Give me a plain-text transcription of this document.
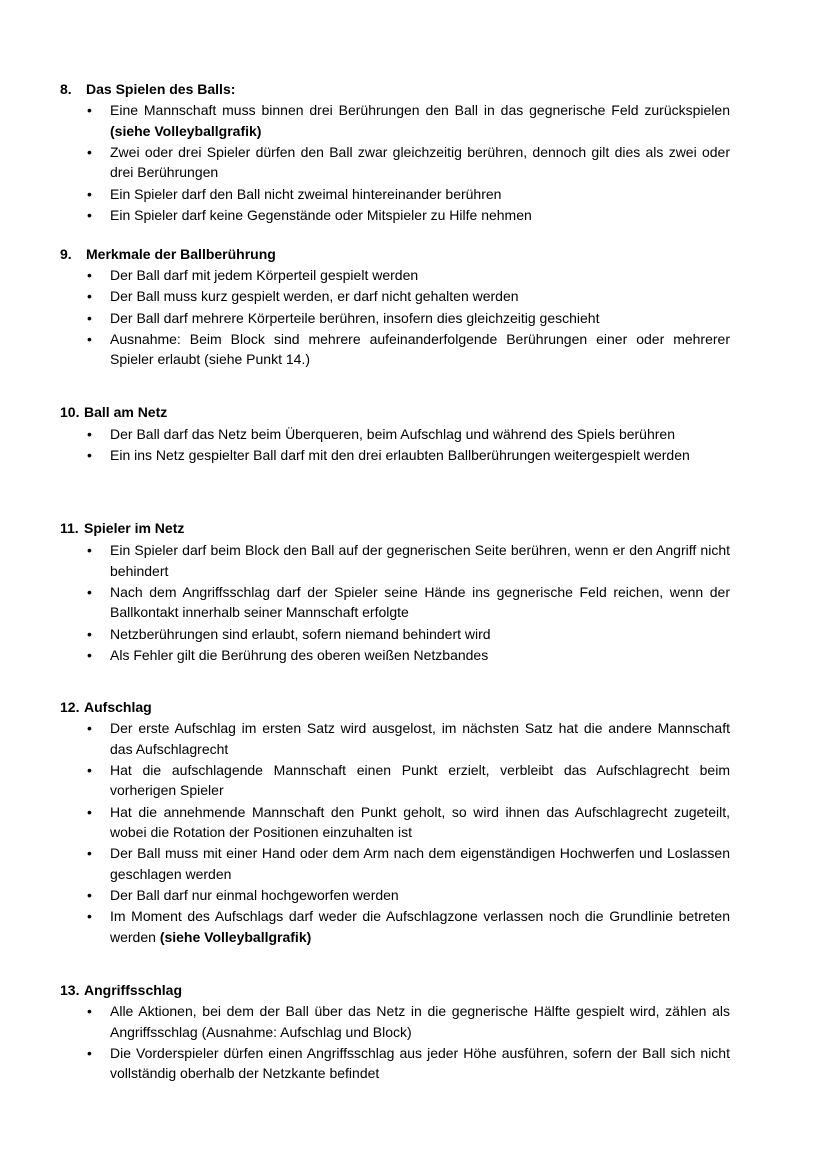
8. Das Spielen des Balls:
• Eine Mannschaft muss binnen drei Berührungen den Ball in das gegnerische Feld zurückspielen (siehe Volleyballgrafik)
• Zwei oder drei Spieler dürfen den Ball zwar gleichzeitig berühren, dennoch gilt dies als zwei oder drei Berührungen
• Ein Spieler darf den Ball nicht zweimal hintereinander berühren
• Ein Spieler darf keine Gegenstände oder Mitspieler zu Hilfe nehmen
9. Merkmale der Ballberührung
• Der Ball darf mit jedem Körperteil gespielt werden
• Der Ball muss kurz gespielt werden, er darf nicht gehalten werden
• Der Ball darf mehrere Körperteile berühren, insofern dies gleichzeitig geschieht
• Ausnahme: Beim Block sind mehrere aufeinanderfolgende Berührungen einer oder mehrerer Spieler erlaubt (siehe Punkt 14.)
10. Ball am Netz
• Der Ball darf das Netz beim Überqueren, beim Aufschlag und während des Spiels berühren
• Ein ins Netz gespielter Ball darf mit den drei erlaubten Ballberührungen weitergespielt werden
11. Spieler im Netz
• Ein Spieler darf beim Block den Ball auf der gegnerischen Seite berühren, wenn er den Angriff nicht behindert
• Nach dem Angriffsschlag darf der Spieler seine Hände ins gegnerische Feld reichen, wenn der Ballkontakt innerhalb seiner Mannschaft erfolgte
• Netzberührungen sind erlaubt, sofern niemand behindert wird
• Als Fehler gilt die Berührung des oberen weißen Netzbandes
12. Aufschlag
• Der erste Aufschlag im ersten Satz wird ausgelost, im nächsten Satz hat die andere Mannschaft das Aufschlagrecht
• Hat die aufschlagende Mannschaft einen Punkt erzielt, verbleibt das Aufschlagrecht beim vorherigen Spieler
• Hat die annehmende Mannschaft den Punkt geholt, so wird ihnen das Aufschlagrecht zugeteilt, wobei die Rotation der Positionen einzuhalten ist
• Der Ball muss mit einer Hand oder dem Arm nach dem eigenständigen Hochwerfen und Loslassen geschlagen werden
• Der Ball darf nur einmal hochgeworfen werden
• Im Moment des Aufschlags darf weder die Aufschlagzone verlassen noch die Grundlinie betreten werden (siehe Volleyballgrafik)
13. Angriffsschlag
• Alle Aktionen, bei dem der Ball über das Netz in die gegnerische Hälfte gespielt wird, zählen als Angriffsschlag (Ausnahme: Aufschlag und Block)
• Die Vorderspieler dürfen einen Angriffsschlag aus jeder Höhe ausführen, sofern der Ball sich nicht vollständig oberhalb der Netzkante befindet
